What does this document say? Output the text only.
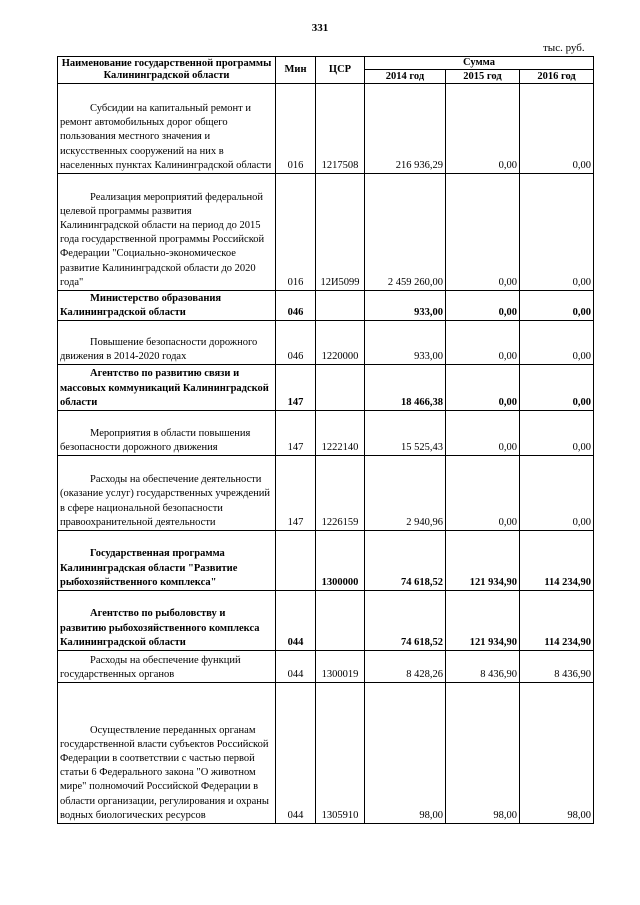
331
тыс. руб.
Наименование государственной программы Калининградской области	Мин	ЦСР	Сумма		
			2014 год	2015 год	2016 год

Субсидии на капитальный ремонт и ремонт автомобильных дорог общего пользования местного значения и искусственных сооружений на них в населенных пунктах Калининградской области	016	1217508	216 936,29	0,00	0,00

Реализация мероприятий федеральной целевой программы развития Калининградской области на период до 2015 года государственной программы Российской Федерации "Социально-экономическое развитие Калининградской области до 2020 года"	016	12И5099	2 459 260,00	0,00	0,00

Министерство образования Калининградской области	046		933,00	0,00	0,00

Повышение безопасности дорожного движения в 2014-2020 годах	046	1220000	933,00	0,00	0,00

Агентство по развитию связи и массовых коммуникаций Калининградской области	147		18 466,38	0,00	0,00

Мероприятия в области повышения безопасности дорожного движения	147	1222140	15 525,43	0,00	0,00

Расходы на обеспечение деятельности (оказание услуг) государственных учреждений в сфере национальной безопасности правоохранительной деятельности	147	1226159	2 940,96	0,00	0,00

Государственная программа Калининградская области "Развитие рыбохозяйственного комплекса"		1300000	74 618,52	121 934,90	114 234,90

Агентство по рыболовству и развитию рыбохозяйственного комплекса Калининградской области	044		74 618,52	121 934,90	114 234,90

Расходы на обеспечение функций государственных органов	044	1300019	8 428,26	8 436,90	8 436,90

Осуществление переданных органам государственной власти субъектов Российской Федерации в соответствии с частью первой статьи 6 Федерального закона "О животном мире" полномочий Российской Федерации в области организации, регулирования и охраны водных биологических ресурсов	044	1305910	98,00	98,00	98,00
